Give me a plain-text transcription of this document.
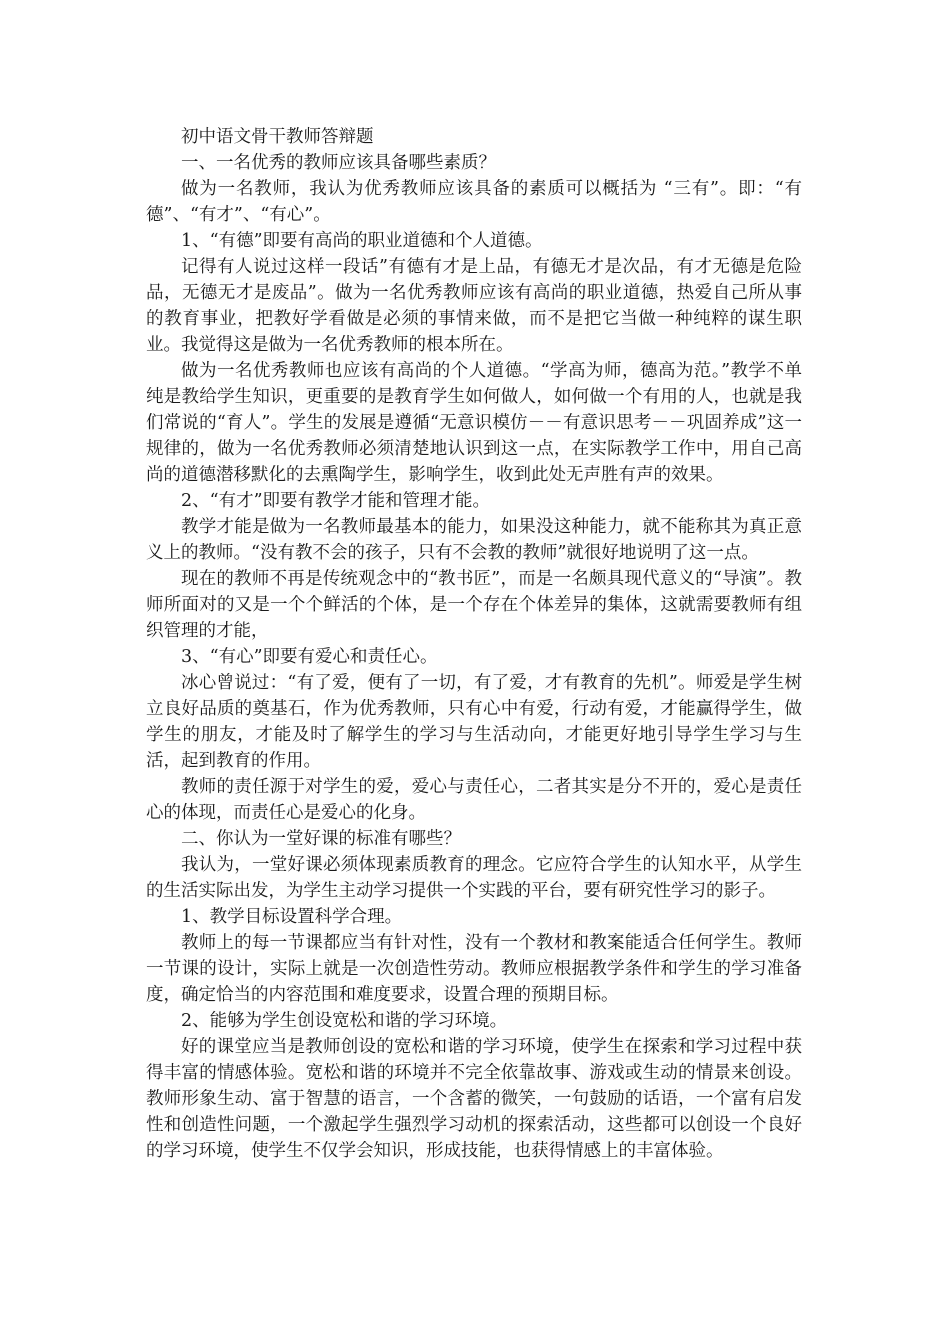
初中语文骨干教师答辩题

一、一名优秀的教师应该具备哪些素质？

做为一名教师，我认为优秀教师应该具备的素质可以概括为 “三有”。即：“有德”、“有才”、“有心”。

1、“有德”即要有高尚的职业道德和个人道德。

记得有人说过这样一段话”有德有才是上品，有德无才是次品，有才无德是危险品，无德无才是废品”。做为一名优秀教师应该有高尚的职业道德，热爱自己所从事的教育事业，把教好学看做是必须的事情来做，而不是把它当做一种纯粹的谋生职业。我觉得这是做为一名优秀教师的根本所在。

做为一名优秀教师也应该有高尚的个人道德。“学高为师，德高为范。”教学不单纯是教给学生知识，更重要的是教育学生如何做人，如何做一个有用的人，也就是我们常说的“育人”。学生的发展是遵循“无意识模仿－－有意识思考－－巩固养成”这一规律的，做为一名优秀教师必须清楚地认识到这一点，在实际教学工作中，用自己高尚的道德潜移默化的去熏陶学生，影响学生，收到此处无声胜有声的效果。

2、“有才”即要有教学才能和管理才能。

教学才能是做为一名教师最基本的能力，如果没这种能力，就不能称其为真正意义上的教师。“没有教不会的孩子，只有不会教的教师”就很好地说明了这一点。

现在的教师不再是传统观念中的“教书匠”，而是一名颇具现代意义的“导演”。教师所面对的又是一个个鲜活的个体，是一个存在个体差异的集体，这就需要教师有组织管理的才能，

3、“有心”即要有爱心和责任心。

冰心曾说过：“有了爱，便有了一切，有了爱，才有教育的先机”。师爱是学生树立良好品质的奠基石，作为优秀教师，只有心中有爱，行动有爱，才能赢得学生，做学生的朋友，才能及时了解学生的学习与生活动向，才能更好地引导学生学习与生活，起到教育的作用。

教师的责任源于对学生的爱，爱心与责任心，二者其实是分不开的，爱心是责任心的体现，而责任心是爱心的化身。

二、你认为一堂好课的标准有哪些？

我认为，一堂好课必须体现素质教育的理念。它应符合学生的认知水平，从学生的生活实际出发，为学生主动学习提供一个实践的平台，要有研究性学习的影子。

1、教学目标设置科学合理。

教师上的每一节课都应当有针对性，没有一个教材和教案能适合任何学生。教师一节课的设计，实际上就是一次创造性劳动。教师应根据教学条件和学生的学习准备度，确定恰当的内容范围和难度要求，设置合理的预期目标。

2、能够为学生创设宽松和谐的学习环境。

好的课堂应当是教师创设的宽松和谐的学习环境，使学生在探索和学习过程中获得丰富的情感体验。宽松和谐的环境并不完全依靠故事、游戏或生动的情景来创设。教师形象生动、富于智慧的语言，一个含蓄的微笑，一句鼓励的话语，一个富有启发性和创造性问题，一个激起学生强烈学习动机的探索活动，这些都可以创设一个良好的学习环境，使学生不仅学会知识，形成技能，也获得情感上的丰富体验。
